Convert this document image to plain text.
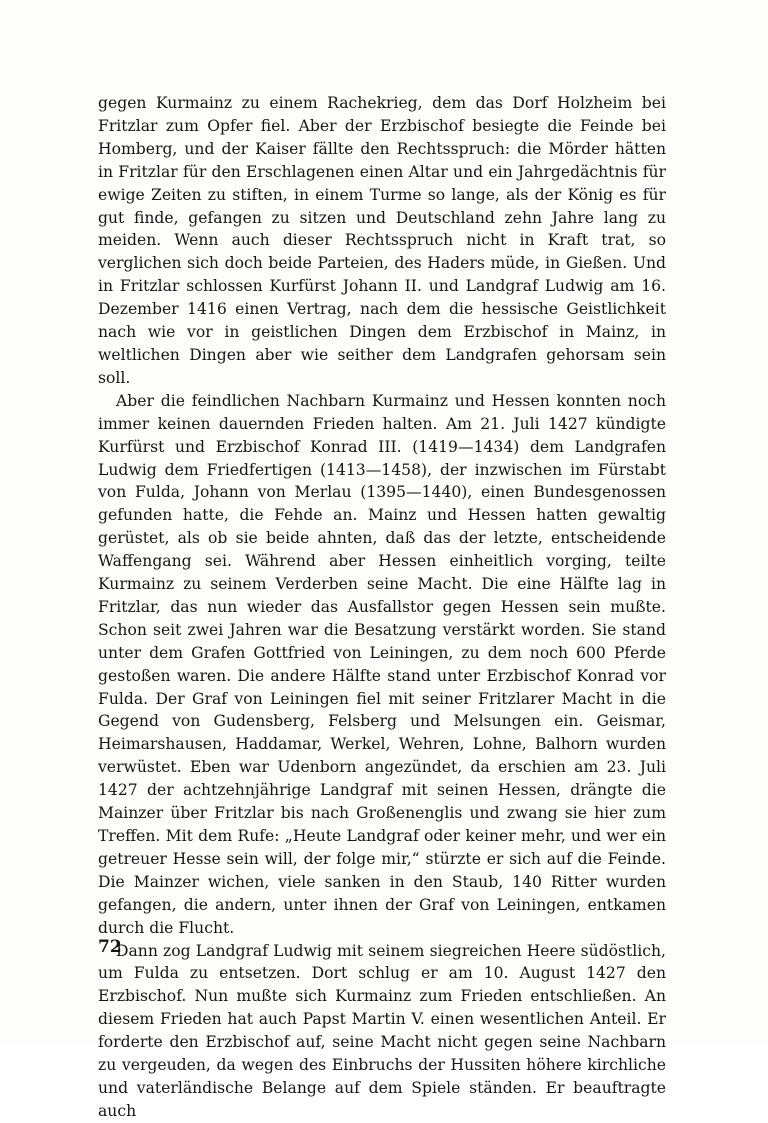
gegen Kurmainz zu einem Rachekrieg, dem das Dorf Holzheim bei Fritzlar zum Opfer fiel. Aber der Erzbischof besiegte die Feinde bei Homberg, und der Kaiser fällte den Rechtsspruch: die Mörder hätten in Fritzlar für den Erschlagenen einen Altar und ein Jahrgedächtnis für ewige Zeiten zu stiften, in einem Turme so lange, als der König es für gut finde, gefangen zu sitzen und Deutschland zehn Jahre lang zu meiden. Wenn auch dieser Rechtsspruch nicht in Kraft trat, so verglichen sich doch beide Parteien, des Haders müde, in Gießen. Und in Fritzlar schlossen Kurfürst Johann II. und Landgraf Ludwig am 16. Dezember 1416 einen Vertrag, nach dem die hessische Geistlichkeit nach wie vor in geistlichen Dingen dem Erzbischof in Mainz, in weltlichen Dingen aber wie seither dem Landgrafen gehorsam sein soll.

Aber die feindlichen Nachbarn Kurmainz und Hessen konnten noch immer keinen dauernden Frieden halten. Am 21. Juli 1427 kündigte Kurfürst und Erzbischof Konrad III. (1419—1434) dem Landgrafen Ludwig dem Friedfertigen (1413—1458), der inzwischen im Fürstabt von Fulda, Johann von Merlau (1395—1440), einen Bundesgenossen gefunden hatte, die Fehde an. Mainz und Hessen hatten gewaltig gerüstet, als ob sie beide ahnten, daß das der letzte, entscheidende Waffengang sei. Während aber Hessen einheitlich vorging, teilte Kurmainz zu seinem Verderben seine Macht. Die eine Hälfte lag in Fritzlar, das nun wieder das Ausfallstor gegen Hessen sein mußte. Schon seit zwei Jahren war die Besatzung verstärkt worden. Sie stand unter dem Grafen Gottfried von Leiningen, zu dem noch 600 Pferde gestoßen waren. Die andere Hälfte stand unter Erzbischof Konrad vor Fulda. Der Graf von Leiningen fiel mit seiner Fritzlarer Macht in die Gegend von Gudensberg, Felsberg und Melsungen ein. Geismar, Heimarshausen, Haddamar, Werkel, Wehren, Lohne, Balhorn wurden verwüstet. Eben war Udenborn angezündet, da erschien am 23. Juli 1427 der achtzehnjährige Landgraf mit seinen Hessen, drängte die Mainzer über Fritzlar bis nach Großenenglis und zwang sie hier zum Treffen. Mit dem Rufe: „Heute Landgraf oder keiner mehr, und wer ein getreuer Hesse sein will, der folge mir,“ stürzte er sich auf die Feinde. Die Mainzer wichen, viele sanken in den Staub, 140 Ritter wurden gefangen, die andern, unter ihnen der Graf von Leiningen, entkamen durch die Flucht.

Dann zog Landgraf Ludwig mit seinem siegreichen Heere südöstlich, um Fulda zu entsetzen. Dort schlug er am 10. August 1427 den Erzbischof. Nun mußte sich Kurmainz zum Frieden entschließen. An diesem Frieden hat auch Papst Martin V. einen wesentlichen Anteil. Er forderte den Erzbischof auf, seine Macht nicht gegen seine Nachbarn zu vergeuden, da wegen des Einbruchs der Hussiten höhere kirchliche und vaterländische Belange auf dem Spiele ständen. Er beauftragte auch

72
